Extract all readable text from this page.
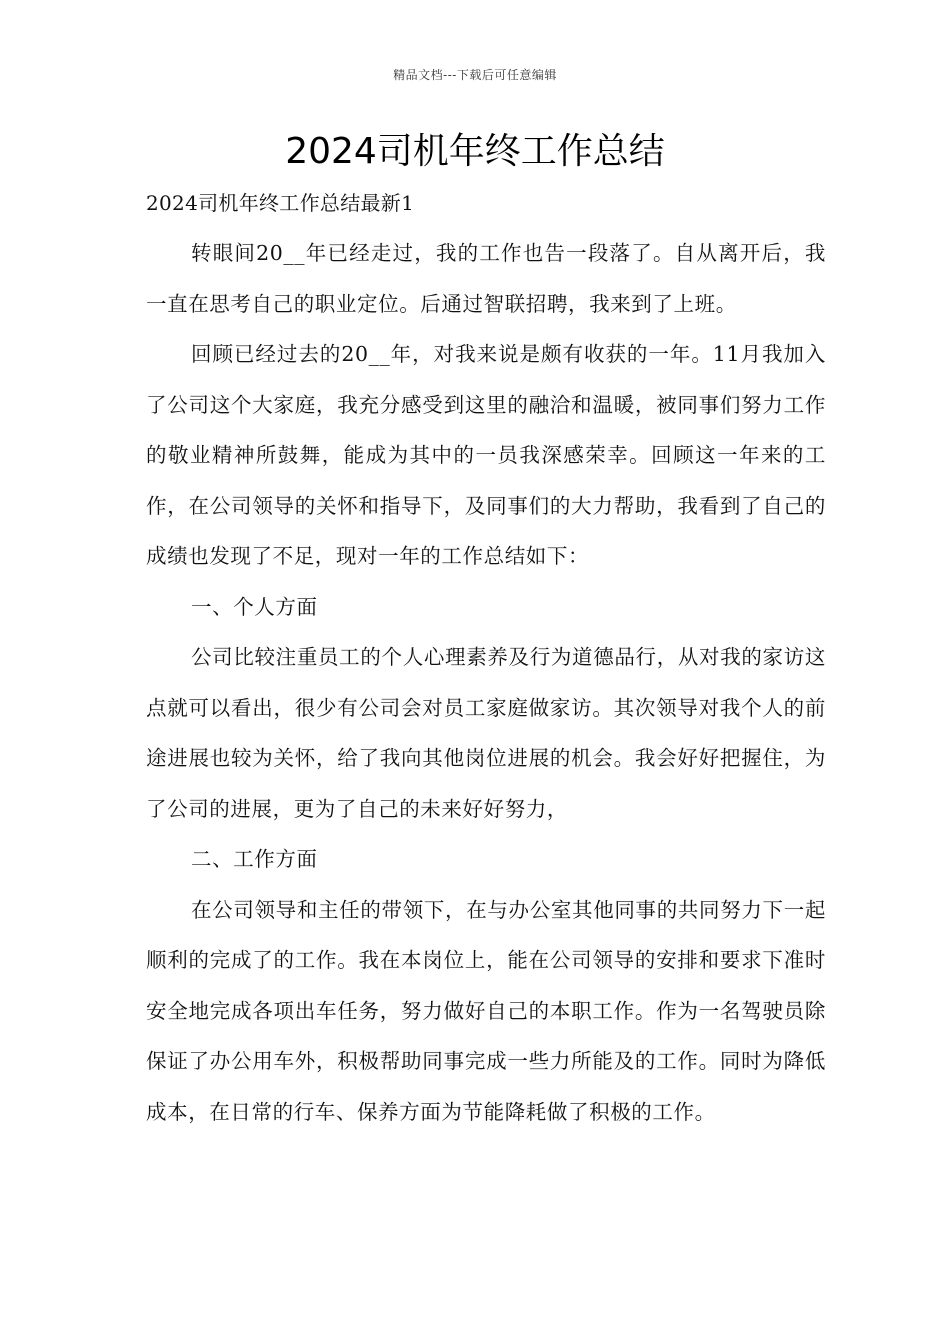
精品文档---下载后可任意编辑
2024司机年终工作总结

2024司机年终工作总结最新1

转眼间20__年已经走过，我的工作也告一段落了。自从离开后，我一直在思考自己的职业定位。后通过智联招聘，我来到了上班。

回顾已经过去的20__年，对我来说是颇有收获的一年。11月我加入了公司这个大家庭，我充分感受到这里的融洽和温暖，被同事们努力工作的敬业精神所鼓舞，能成为其中的一员我深感荣幸。回顾这一年来的工作，在公司领导的关怀和指导下，及同事们的大力帮助，我看到了自己的成绩也发现了不足，现对一年的工作总结如下：

一、个人方面

公司比较注重员工的个人心理素养及行为道德品行，从对我的家访这点就可以看出，很少有公司会对员工家庭做家访。其次领导对我个人的前途进展也较为关怀，给了我向其他岗位进展的机会。我会好好把握住，为了公司的进展，更为了自己的未来好好努力，

二、工作方面

在公司领导和主任的带领下，在与办公室其他同事的共同努力下一起顺利的完成了的工作。我在本岗位上，能在公司领导的安排和要求下准时安全地完成各项出车任务，努力做好自己的本职工作。作为一名驾驶员除保证了办公用车外，积极帮助同事完成一些力所能及的工作。同时为降低成本，在日常的行车、保养方面为节能降耗做了积极的工作。
